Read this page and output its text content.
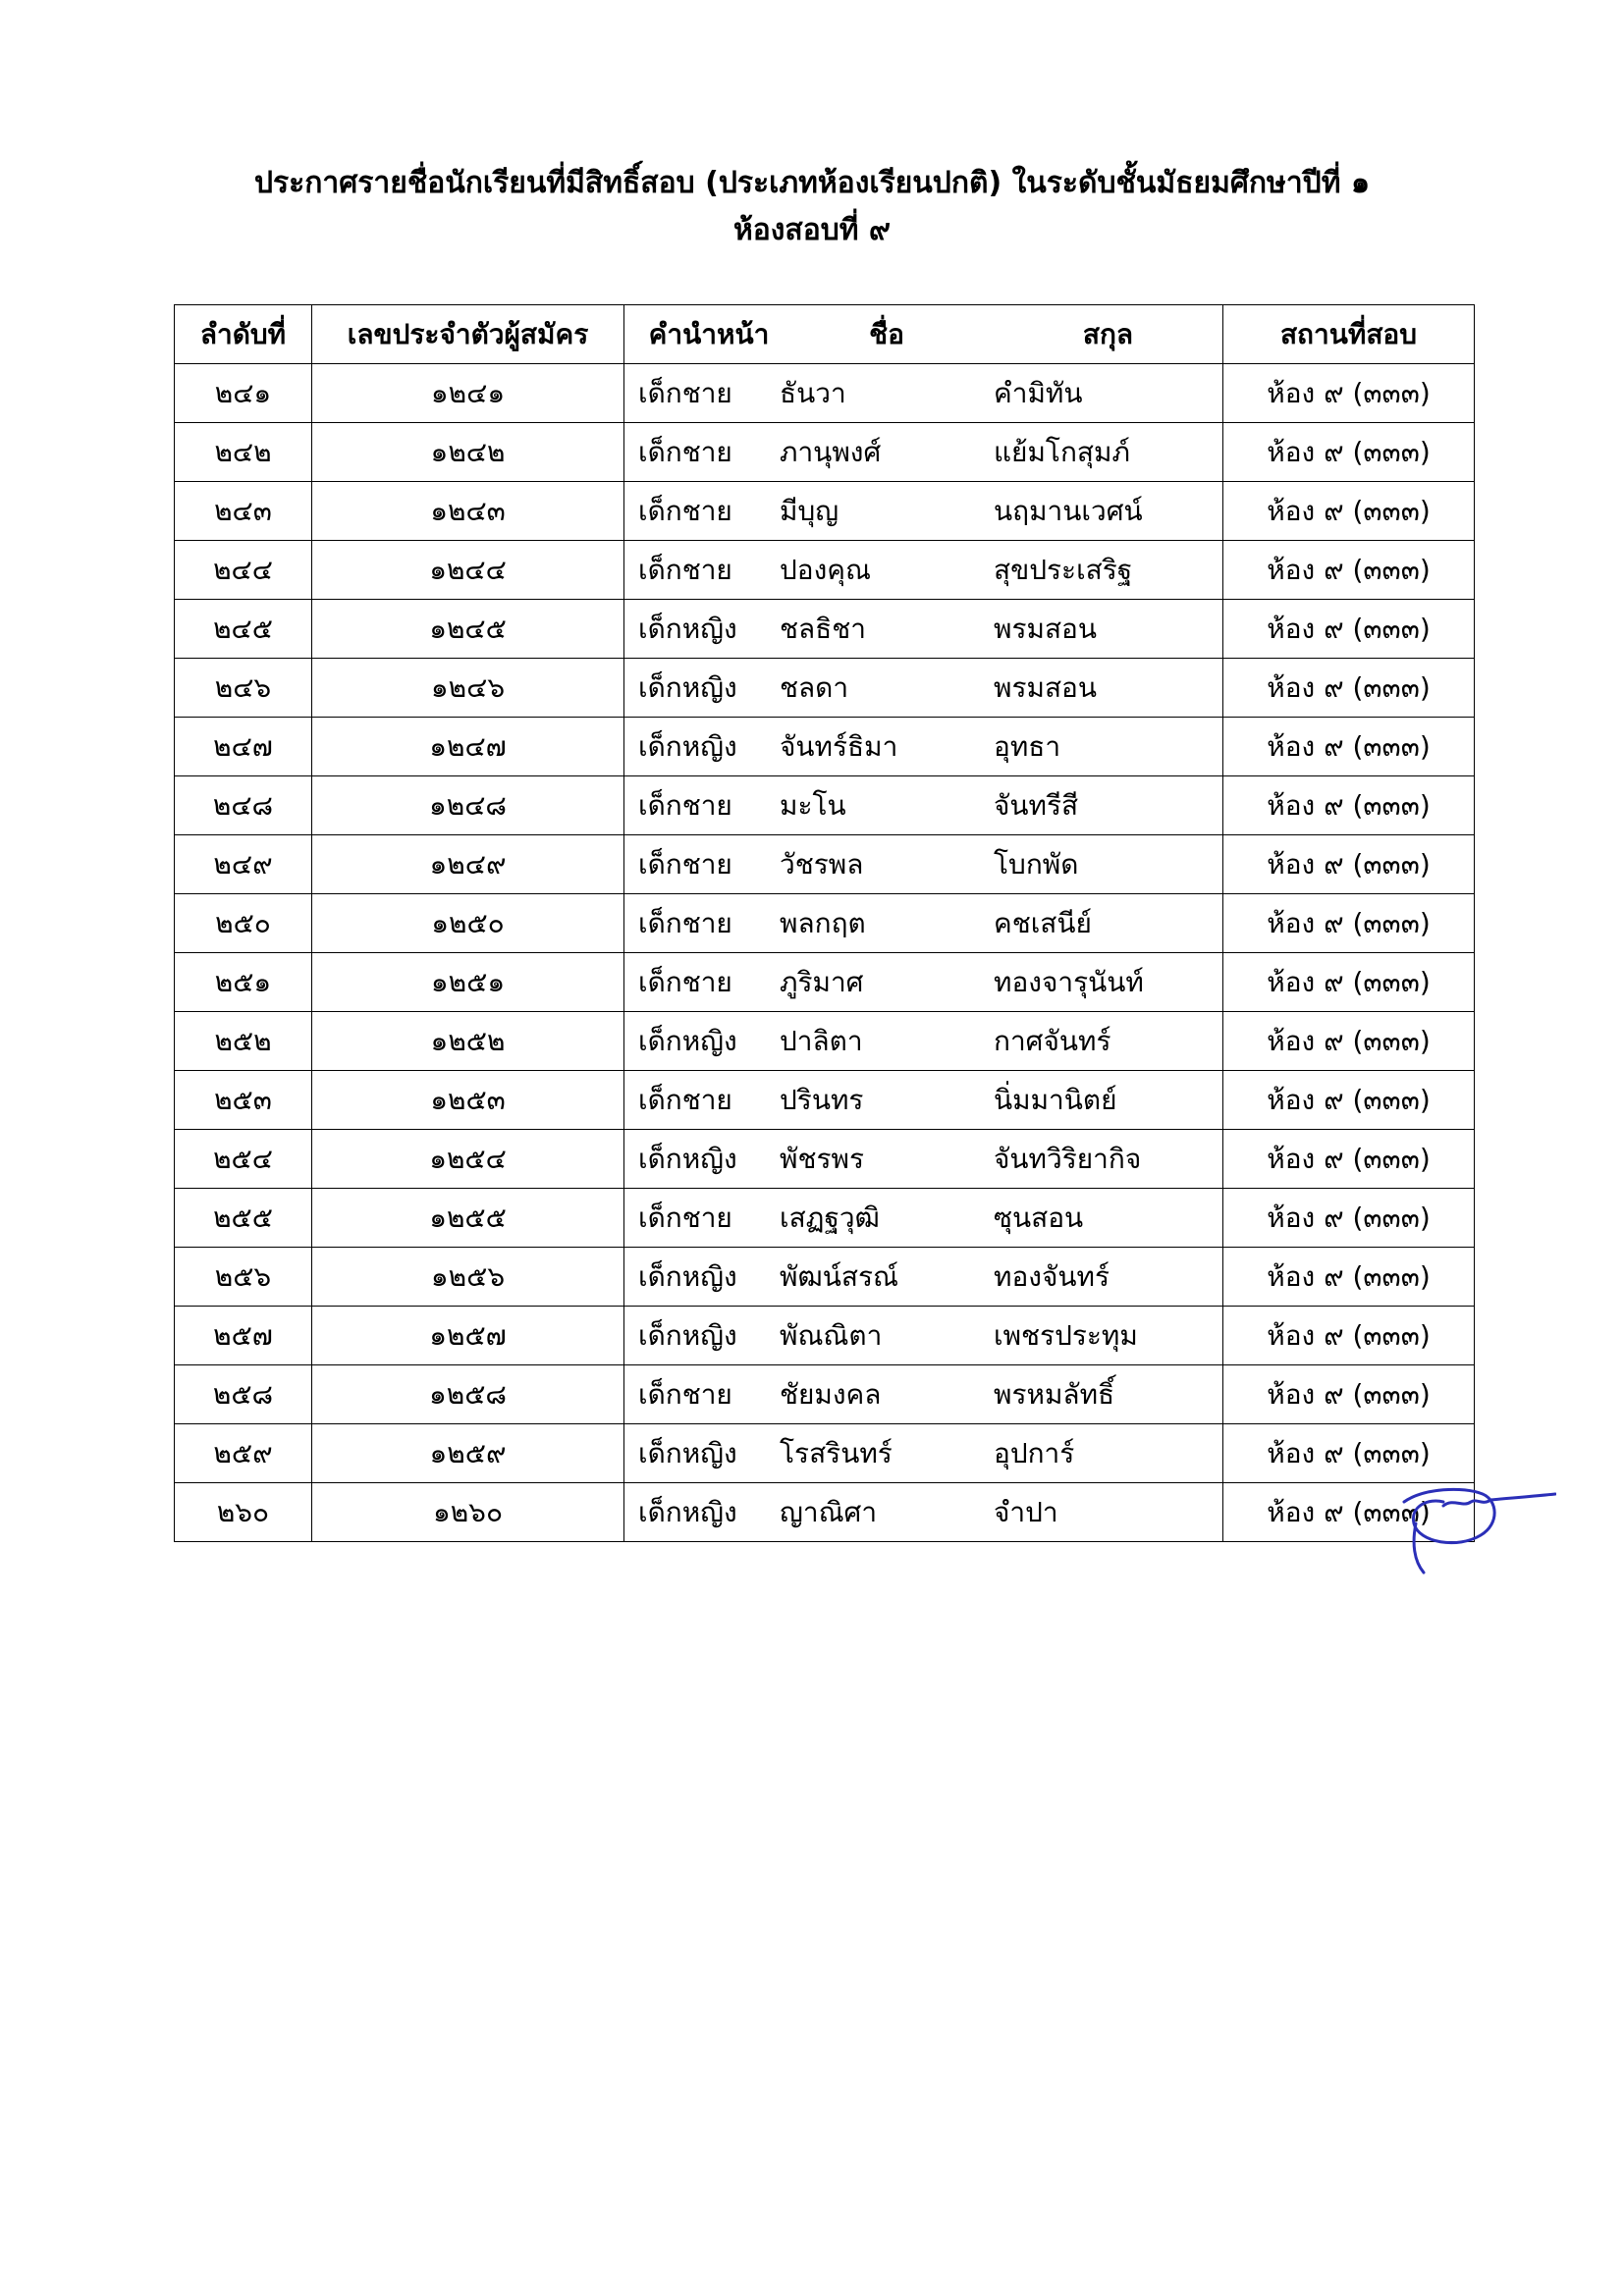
ประกาศรายชื่อนักเรียนที่มีสิทธิ์สอบ (ประเภทห้องเรียนปกติ) ในระดับชั้นมัธยมศึกษาปีที่ ๑
ห้องสอบที่ ๙
ลำดับที่	เลขประจำตัวผู้สมัคร	คำนำหน้า ชื่อ สกุล	สถานที่สอบ
๒๔๑	๑๒๔๑	เด็กชาย ธันวา คำมิทัน	ห้อง ๙ (๓๓๓)
๒๔๒	๑๒๔๒	เด็กชาย ภานุพงศ์ แย้มโกสุมภ์	ห้อง ๙ (๓๓๓)
๒๔๓	๑๒๔๓	เด็กชาย มีบุญ นฤมานเวศน์	ห้อง ๙ (๓๓๓)
๒๔๔	๑๒๔๔	เด็กชาย ปองคุณ สุขประเสริฐ	ห้อง ๙ (๓๓๓)
๒๔๕	๑๒๔๕	เด็กหญิง ชลธิชา พรมสอน	ห้อง ๙ (๓๓๓)
๒๔๖	๑๒๔๖	เด็กหญิง ชลดา พรมสอน	ห้อง ๙ (๓๓๓)
๒๔๗	๑๒๔๗	เด็กหญิง จันทร์ธิมา อุทธา	ห้อง ๙ (๓๓๓)
๒๔๘	๑๒๔๘	เด็กชาย มะโน จันทรีสี	ห้อง ๙ (๓๓๓)
๒๔๙	๑๒๔๙	เด็กชาย วัชรพล โบกพัด	ห้อง ๙ (๓๓๓)
๒๕๐	๑๒๕๐	เด็กชาย พลกฤต คชเสนีย์	ห้อง ๙ (๓๓๓)
๒๕๑	๑๒๕๑	เด็กชาย ภูริมาศ ทองจารุนันท์	ห้อง ๙ (๓๓๓)
๒๕๒	๑๒๕๒	เด็กหญิง ปาลิตา กาศจันทร์	ห้อง ๙ (๓๓๓)
๒๕๓	๑๒๕๓	เด็กชาย ปรินทร นิ่มมานิตย์	ห้อง ๙ (๓๓๓)
๒๕๔	๑๒๕๔	เด็กหญิง พัชรพร จันทวิริยากิจ	ห้อง ๙ (๓๓๓)
๒๕๕	๑๒๕๕	เด็กชาย เสฏฐวุฒิ ซุนสอน	ห้อง ๙ (๓๓๓)
๒๕๖	๑๒๕๖	เด็กหญิง พัฒน์สรณ์ ทองจันทร์	ห้อง ๙ (๓๓๓)
๒๕๗	๑๒๕๗	เด็กหญิง พัณณิตา เพชรประทุม	ห้อง ๙ (๓๓๓)
๒๕๘	๑๒๕๘	เด็กชาย ชัยมงคล พรหมลัทธิ์	ห้อง ๙ (๓๓๓)
๒๕๙	๑๒๕๙	เด็กหญิง โรสรินทร์ อุปการ์	ห้อง ๙ (๓๓๓)
๒๖๐	๑๒๖๐	เด็กหญิง ญาณิศา จำปา	ห้อง ๙ (๓๓๓)
